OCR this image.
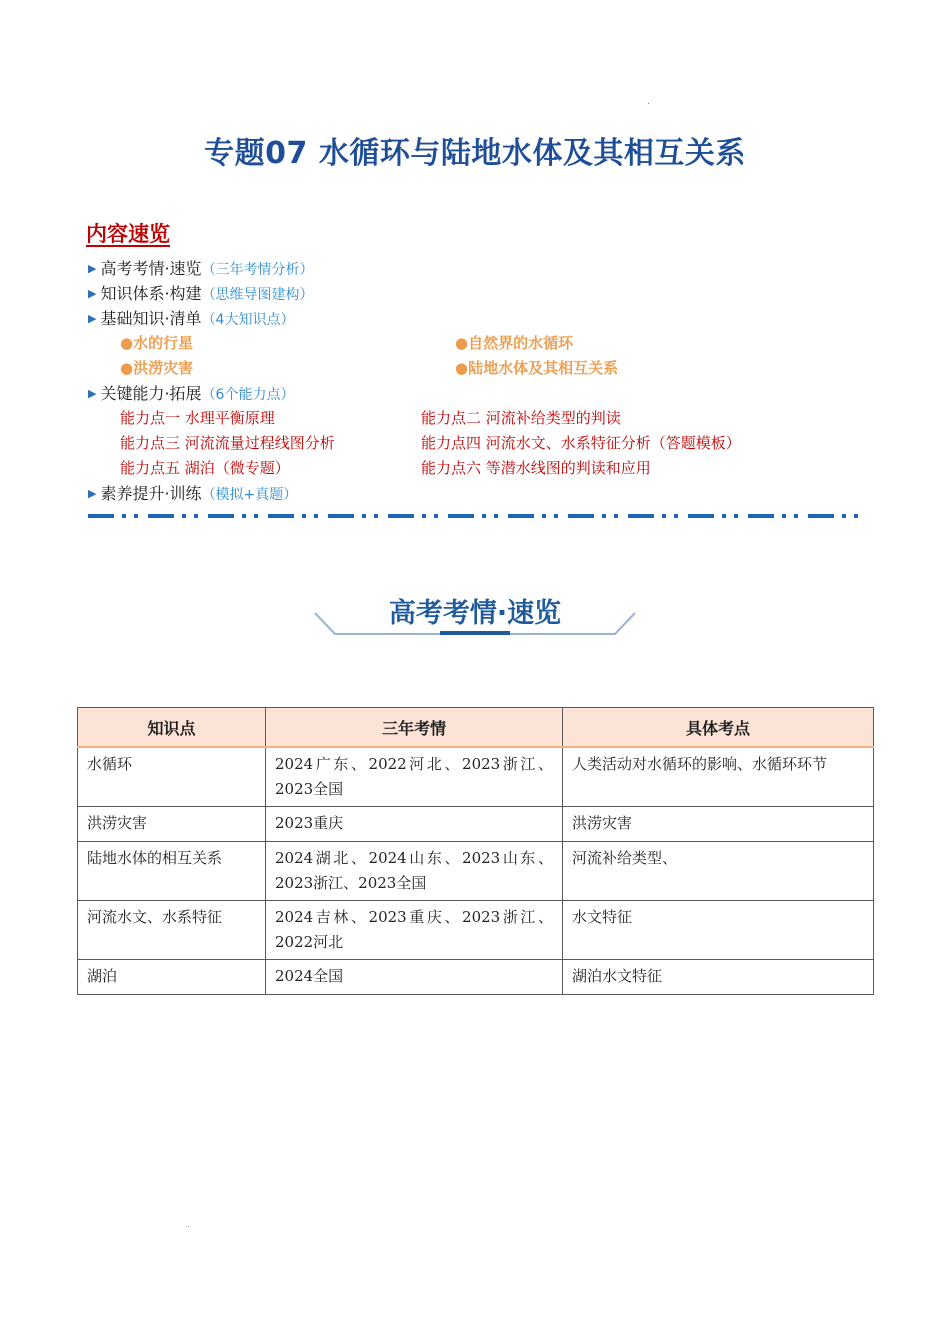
专题07 水循环与陆地水体及其相互关系
内容速览
▶ 高考考情·速览（三年考情分析）
▶ 知识体系·构建（思维导图建构）
▶ 基础知识·清单（4大知识点）
●水的行星	●自然界的水循环
●洪涝灾害	●陆地水体及其相互关系
▶ 关键能力·拓展（6个能力点）
能力点一 水理平衡原理	能力点二 河流补给类型的判读
能力点三 河流流量过程线图分析	能力点四 河流水文、水系特征分析（答题模板）
能力点五 湖泊（微专题）	能力点六 等潜水线图的判读和应用
▶ 素养提升·训练（模拟+真题）
高考考情·速览
知识点	三年考情	具体考点
水循环	2024广东、2022河北、2023浙江、2023全国	人类活动对水循环的影响、水循环环节
洪涝灾害	2023重庆	洪涝灾害
陆地水体的相互关系	2024湖北、2024山东、2023山东、2023浙江、2023全国	河流补给类型、
河流水文、水系特征	2024吉林、2023重庆、2023浙江、2022河北	水文特征
湖泊	2024全国	湖泊水文特征
